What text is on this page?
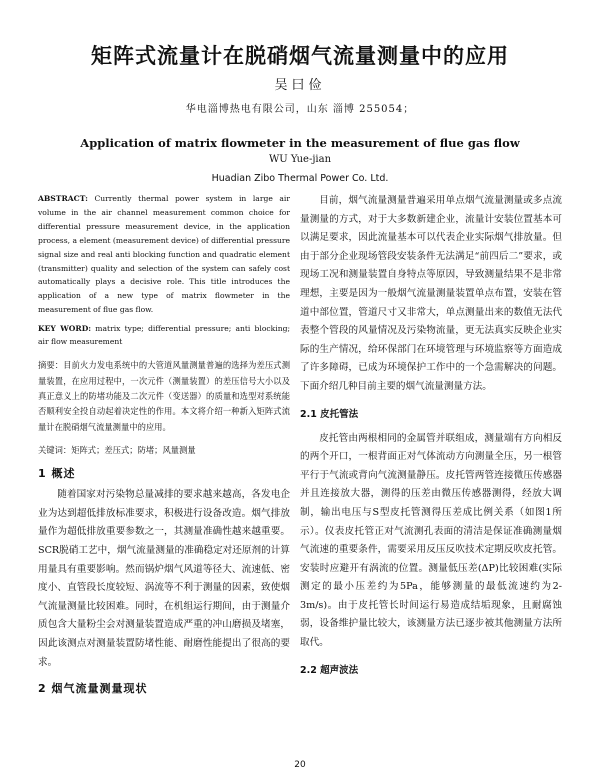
矩阵式流量计在脱硝烟气流量测量中的应用
吴曰俭
华电淄博热电有限公司，山东 淄博 255054；
Application of matrix flowmeter in the measurement of flue gas flow
WU Yue-jian
Huadian Zibo Thermal Power Co. Ltd.
ABSTRACT: Currently thermal power system in large air volume in the air channel measurement common choice for differential pressure measurement device, in the application process, a element (measurement device) of differential pressure signal size and real anti blocking function and quadratic element (transmitter) quality and selection of the system can safely cost automatically plays a decisive role. This title introduces the application of a new type of matrix flowmeter in the measurement of flue gas flow.
KEY WORD: matrix type; differential pressure; anti blocking; air flow measurement
摘要：目前火力发电系统中的大管道风量测量普遍的选择为差压式测量装置，在应用过程中，一次元件（测量装置）的差压信号大小以及真正意义上的防堵功能及二次元件（变送器）的质量和选型对系统能否顺利安全投自动起着决定性的作用。本文将介绍一种新入矩阵式流量计在脱硝烟气流量测量中的应用。
关键词：矩阵式；差压式；防堵；风量测量
1 概述
随着国家对污染物总量减排的要求越来越高，各发电企业为达到超低排放标准要求，积极进行设备改造。烟气排放量作为超低排放重要参数之一，其测量准确性越来越重要。SCR脱硝工艺中，烟气流量测量的准确稳定对还原剂的计算用量具有重要影响。然而锅炉烟气风道等径大、流速低、密度小、直管段长度较短、涡流等不利于测量的因素，致使烟气流量测量比较困难。同时，在机组运行期间，由于测量介质包含大量粉尘会对测量装置造成严重的冲山磨损及堵塞，因此该测点对测量装置防堵性能、耐磨性能提出了很高的要求。
2 烟气流量测量现状
目前，烟气流量测量普遍采用单点烟气流量测量或多点流量测量的方式，对于大多数新建企业，流量计安装位置基本可以满足要求，因此流量基本可以代表企业实际烟气排放量。但由于部分企业现场管段安装条件无法满足“前四后二”要求，或现场工况和测量装置自身特点等原因，导致测量结果不是非常理想，主要是因为一般烟气流量测量装置单点布置，安装在管道中部位置，管道尺寸又非常大，单点测量出来的数值无法代表整个管段的风量情况及污染物流量，更无法真实反映企业实际的生产情况，给环保部门在环境管理与环境监察等方面造成了许多障碍，已成为环境保护工作中的一个急需解决的问题。下面介绍几种目前主要的烟气流量测量方法。
2.1 皮托管法
皮托管由两根相同的金属管并联组成，测量端有方向相反的两个开口，一根背面正对气体流动方向测量全压，另一根管平行于气流或背向气流测量静压。皮托管两管连接微压传感器并且连接放大器，测得的压差由微压传感器测得，经放大调制，输出电压与S型皮托管测得压差成比例关系（如图1所示）。仪表皮托管正对气流测孔表面的清洁是保证准确测量烟气流速的重要条件，需要采用反压反吹技术定期反吹皮托管。安装时应避开有涡流的位置。测量低压差(ΔP)比较困难(实际测定的最小压差约为5Pa，能够测量的最低流速约为2-3m/s)。由于皮托管长时间运行易造成结垢现象，且耐腐蚀弱，设备维护量比较大，该测量方法已逐步被其他测量方法所取代。
2.2 超声波法
20
